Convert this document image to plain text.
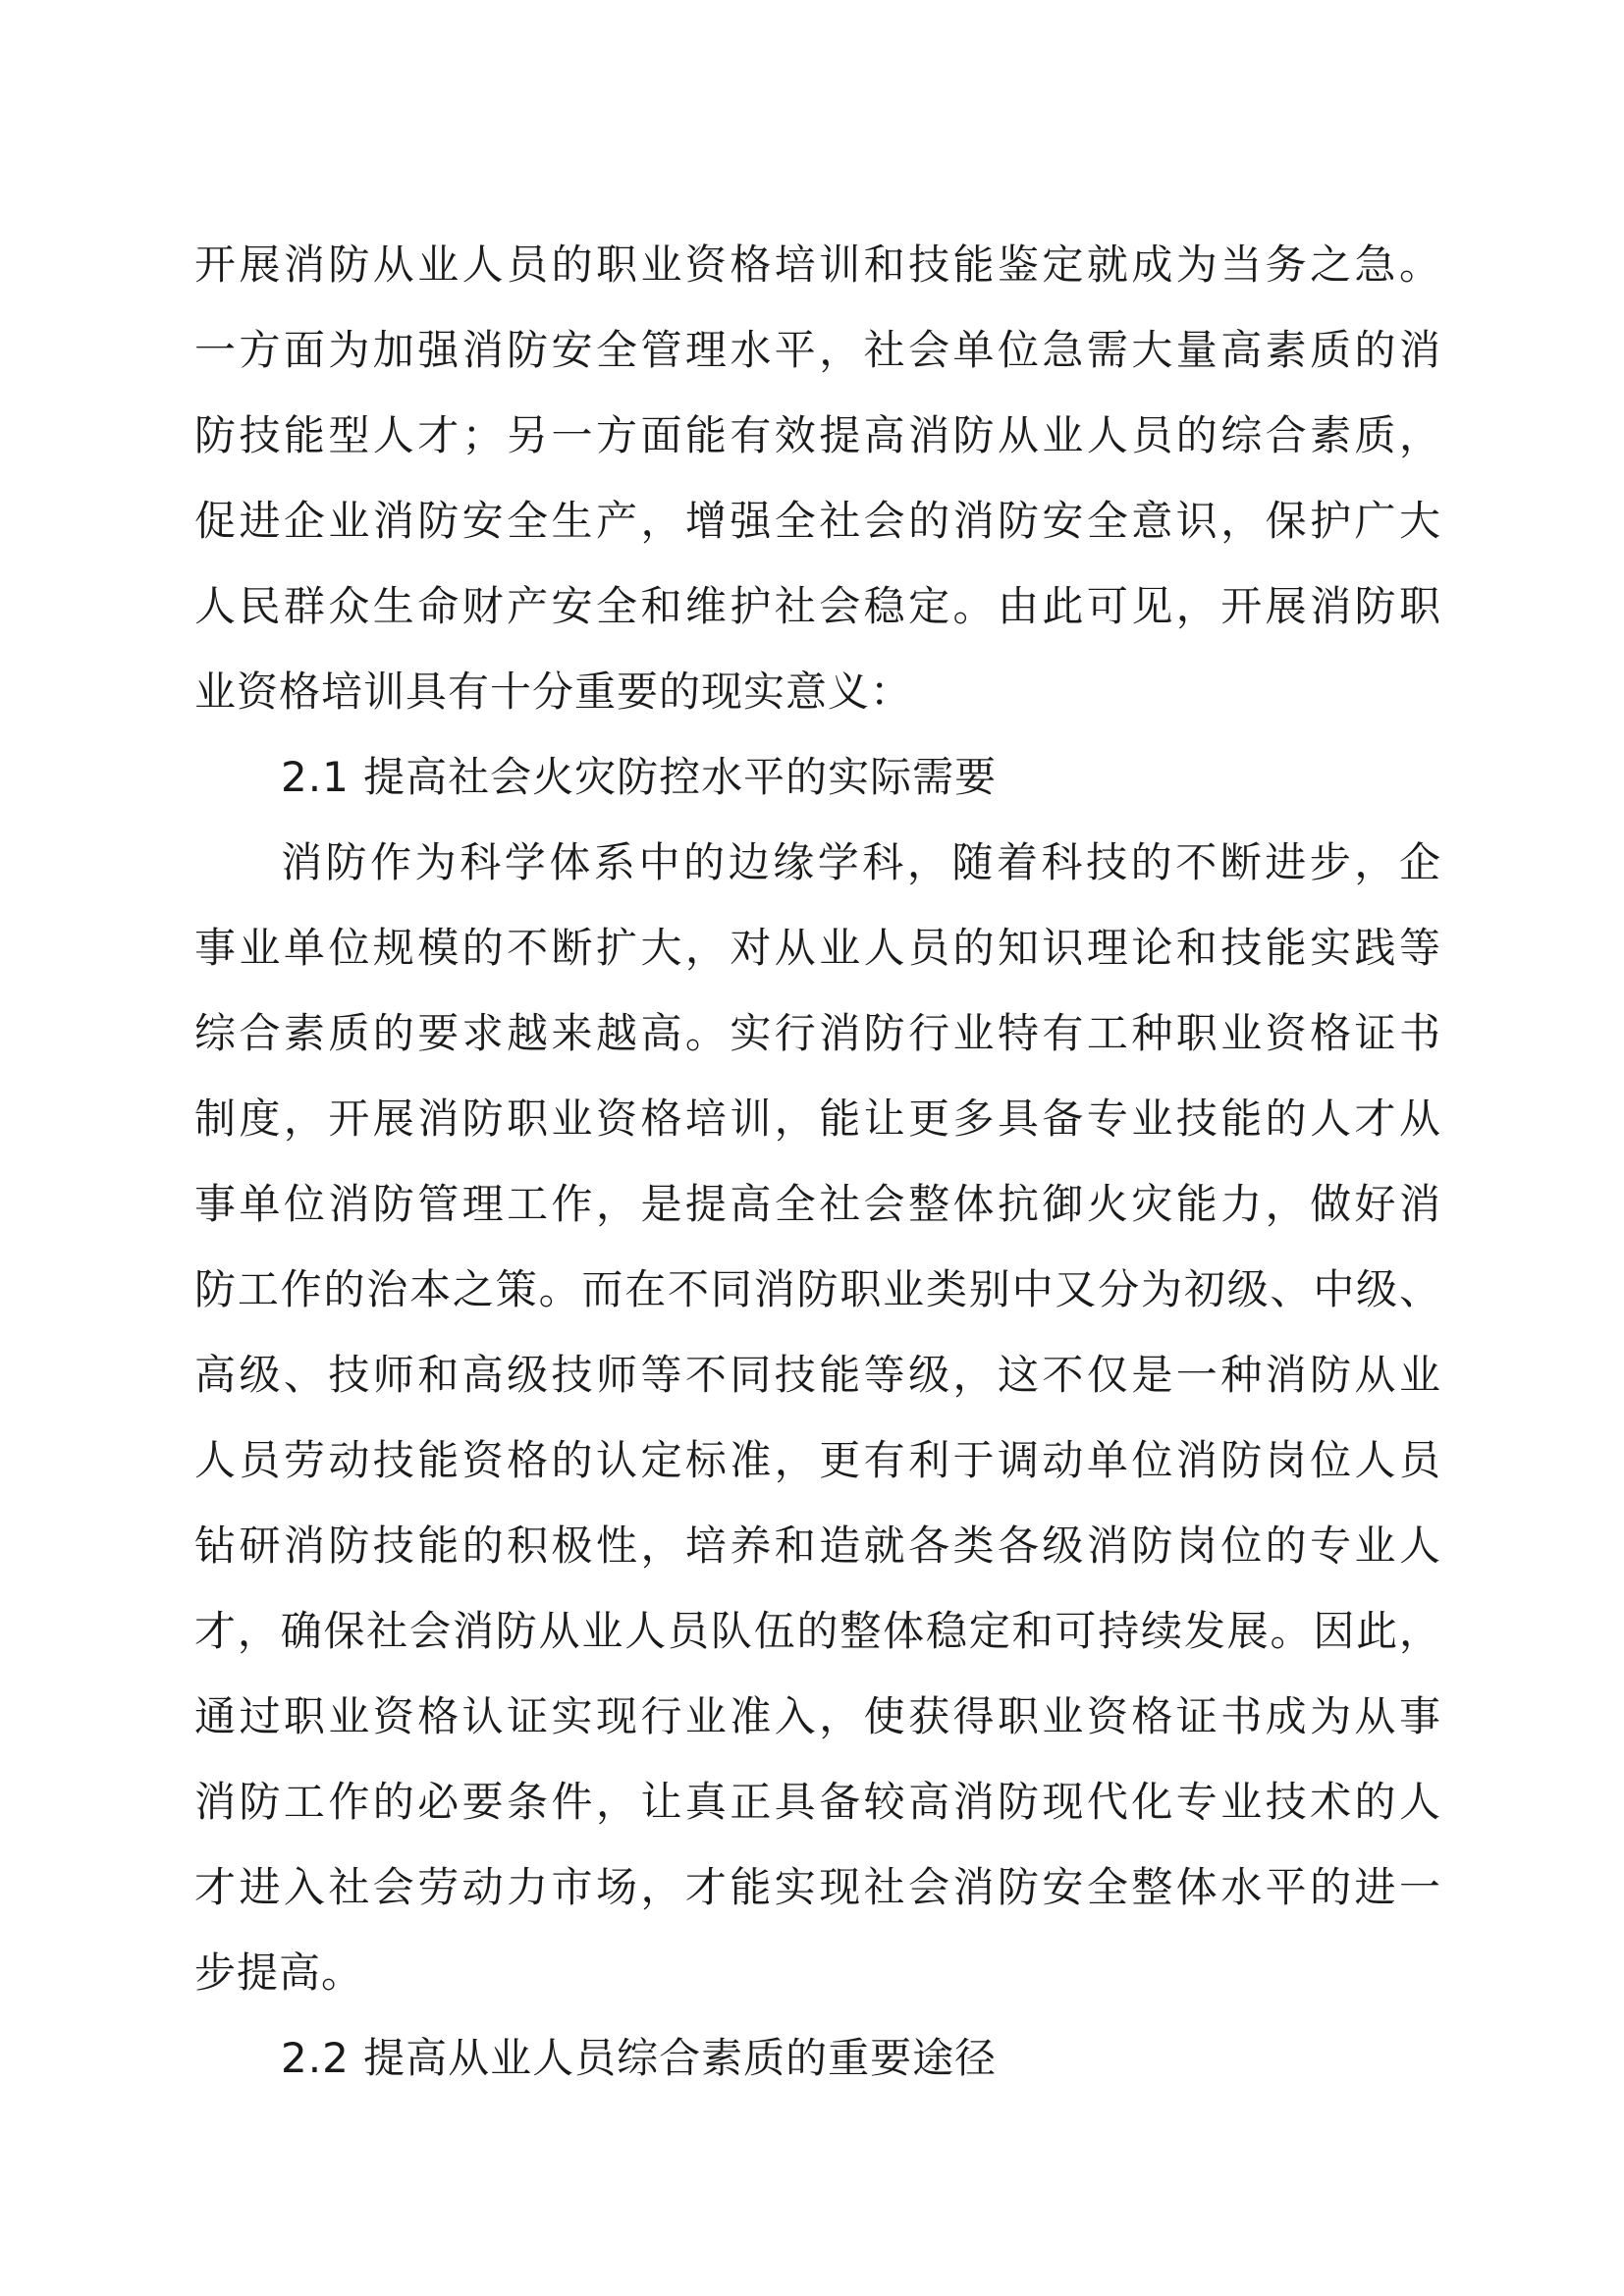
开展消防从业人员的职业资格培训和技能鉴定就成为当务之急。
一方面为加强消防安全管理水平，社会单位急需大量高素质的消
防技能型人才；另一方面能有效提高消防从业人员的综合素质，
促进企业消防安全生产，增强全社会的消防安全意识，保护广大
人民群众生命财产安全和维护社会稳定。由此可见，开展消防职
业资格培训具有十分重要的现实意义：
2.1 提高社会火灾防控水平的实际需要
消防作为科学体系中的边缘学科，随着科技的不断进步，企
事业单位规模的不断扩大，对从业人员的知识理论和技能实践等
综合素质的要求越来越高。实行消防行业特有工种职业资格证书
制度，开展消防职业资格培训，能让更多具备专业技能的人才从
事单位消防管理工作，是提高全社会整体抗御火灾能力，做好消
防工作的治本之策。而在不同消防职业类别中又分为初级、中级、
高级、技师和高级技师等不同技能等级，这不仅是一种消防从业
人员劳动技能资格的认定标准，更有利于调动单位消防岗位人员
钻研消防技能的积极性，培养和造就各类各级消防岗位的专业人
才，确保社会消防从业人员队伍的整体稳定和可持续发展。因此，
通过职业资格认证实现行业准入，使获得职业资格证书成为从事
消防工作的必要条件，让真正具备较高消防现代化专业技术的人
才进入社会劳动力市场，才能实现社会消防安全整体水平的进一
步提高。
2.2 提高从业人员综合素质的重要途径
